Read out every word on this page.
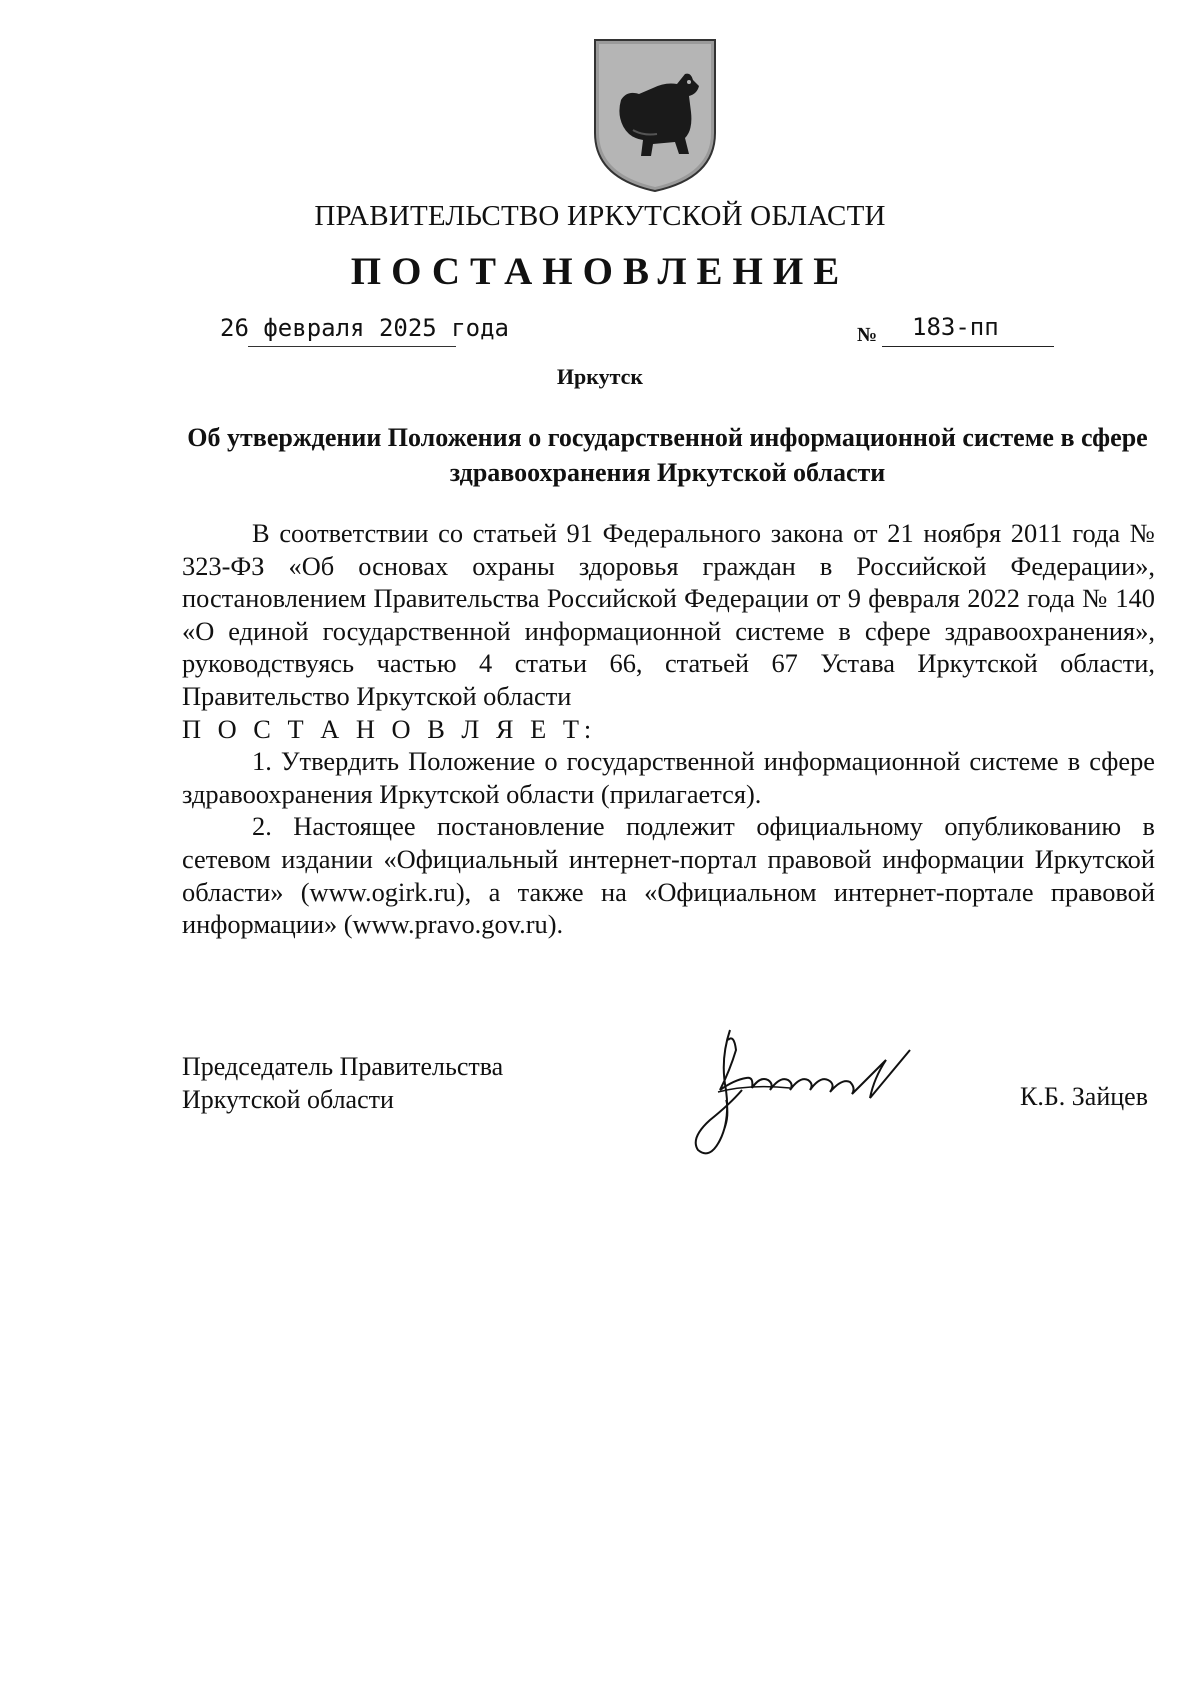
ПРАВИТЕЛЬСТВО ИРКУТСКОЙ ОБЛАСТИ
ПОСТАНОВЛЕНИЕ
26 февраля 2025 года	№ 183-пп
Иркутск
Об утверждении Положения о государственной информационной системе в сфере здравоохранения Иркутской области

В соответствии со статьей 91 Федерального закона от 21 ноября 2011 года № 323-ФЗ «Об основах охраны здоровья граждан в Российской Федерации», постановлением Правительства Российской Федерации от 9 февраля 2022 года № 140 «О единой государственной информационной системе в сфере здравоохранения», руководствуясь частью 4 статьи 66, статьей 67 Устава Иркутской области, Правительство Иркутской области

П О С Т А Н О В Л Я Е Т:

1. Утвердить Положение о государственной информационной системе в сфере здравоохранения Иркутской области (прилагается).

2. Настоящее постановление подлежит официальному опубликованию в сетевом издании «Официальный интернет-портал правовой информации Иркутской области» (www.ogirk.ru), а также на «Официальном интернет-портале правовой информации» (www.pravo.gov.ru).

Председатель Правительства
Иркутской области	К.Б. Зайцев
